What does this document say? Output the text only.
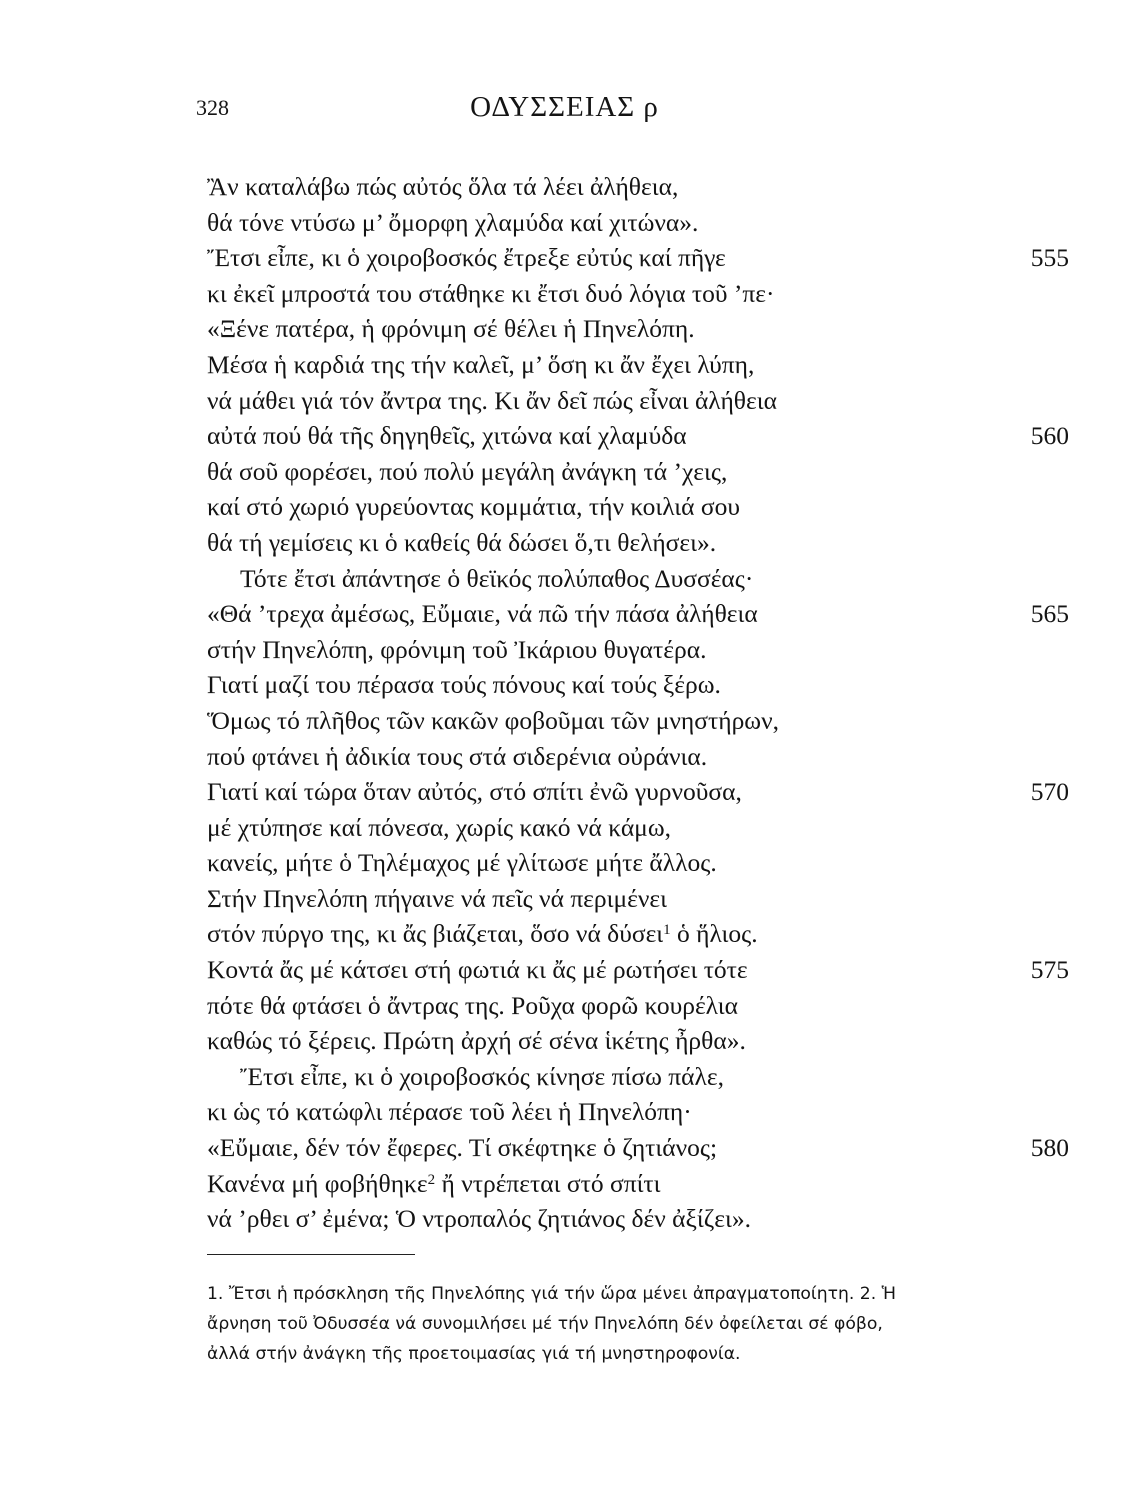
328	ΟΔΥΣΣΕΙΑΣ ρ
Ἂν καταλάβω πώς αὐτός ὅλα τά λέει ἀλήθεια,
θά τόνε ντύσω μ’ ὄμορφη χλαμύδα καί χιτώνα».
Ἔτσι εἶπε, κι ὁ χοιροβοσκός ἔτρεξε εὐτύς καί πῆγε	555
κι ἐκεῖ μπροστά του στάθηκε κι ἔτσι δυό λόγια τοῦ ’πε·
«Ξένε πατέρα, ἡ φρόνιμη σέ θέλει ἡ Πηνελόπη.
Μέσα ἡ καρδιά της τήν καλεῖ, μ’ ὅση κι ἄν ἔχει λύπη,
νά μάθει γιά τόν ἄντρα της. Κι ἄν δεῖ πώς εἶναι ἀλήθεια
αὐτά πού θά τῆς δηγηθεῖς, χιτώνα καί χλαμύδα	560
θά σοῦ φορέσει, πού πολύ μεγάλη ἀνάγκη τά ’χεις,
καί στό χωριό γυρεύοντας κομμάτια, τήν κοιλιά σου
θά τή γεμίσεις κι ὁ καθείς θά δώσει ὅ,τι θελήσει».
Τότε ἔτσι ἀπάντησε ὁ θεϊκός πολύπαθος Δυσσέας·
«Θά ’τρεχα ἀμέσως, Εὔμαιε, νά πῶ τήν πάσα ἀλήθεια	565
στήν Πηνελόπη, φρόνιμη τοῦ Ἰκάριου θυγατέρα.
Γιατί μαζί του πέρασα τούς πόνους καί τούς ξέρω.
Ὅμως τό πλῆθος τῶν κακῶν φοβοῦμαι τῶν μνηστήρων,
πού φτάνει ἡ ἀδικία τους στά σιδερένια οὐράνια.
Γιατί καί τώρα ὅταν αὐτός, στό σπίτι ἐνῶ γυρνοῦσα,	570
μέ χτύπησε καί πόνεσα, χωρίς κακό νά κάμω,
κανείς, μήτε ὁ Τηλέμαχος μέ γλίτωσε μήτε ἄλλος.
Στήν Πηνελόπη πήγαινε νά πεῖς νά περιμένει
στόν πύργο της, κι ἄς βιάζεται, ὅσο νά δύσει$^1$ ὁ ἥλιος.
Κοντά ἄς μέ κάτσει στή φωτιά κι ἄς μέ ρωτήσει τότε	575
πότε θά φτάσει ὁ ἄντρας της. Ροῦχα φορῶ κουρέλια
καθώς τό ξέρεις. Πρώτη ἀρχή σέ σένα ἱκέτης ἦρθα».
Ἔτσι εἶπε, κι ὁ χοιροβοσκός κίνησε πίσω πάλε,
κι ὡς τό κατώφλι πέρασε τοῦ λέει ἡ Πηνελόπη·
«Εὔμαιε, δέν τόν ἔφερες. Τί σκέφτηκε ὁ ζητιάνος;	580
Κανένα μή φοβήθηκε$^2$ ἤ ντρέπεται στό σπίτι
νά ’ρθει σ’ ἐμένα; Ὁ ντροπαλός ζητιάνος δέν ἀξίζει».

1. Ἔτσι ἡ πρόσκληση τῆς Πηνελόπης γιά τήν ὥρα μένει ἀπραγματοποίητη. 2. Ἡ

ἄρνηση τοῦ Ὀδυσσέα νά συνομιλήσει μέ τήν Πηνελόπη δέν ὀφείλεται σέ φόβο,

ἀλλά στήν ἀνάγκη τῆς προετοιμασίας γιά τή μνηστηροφονία.
